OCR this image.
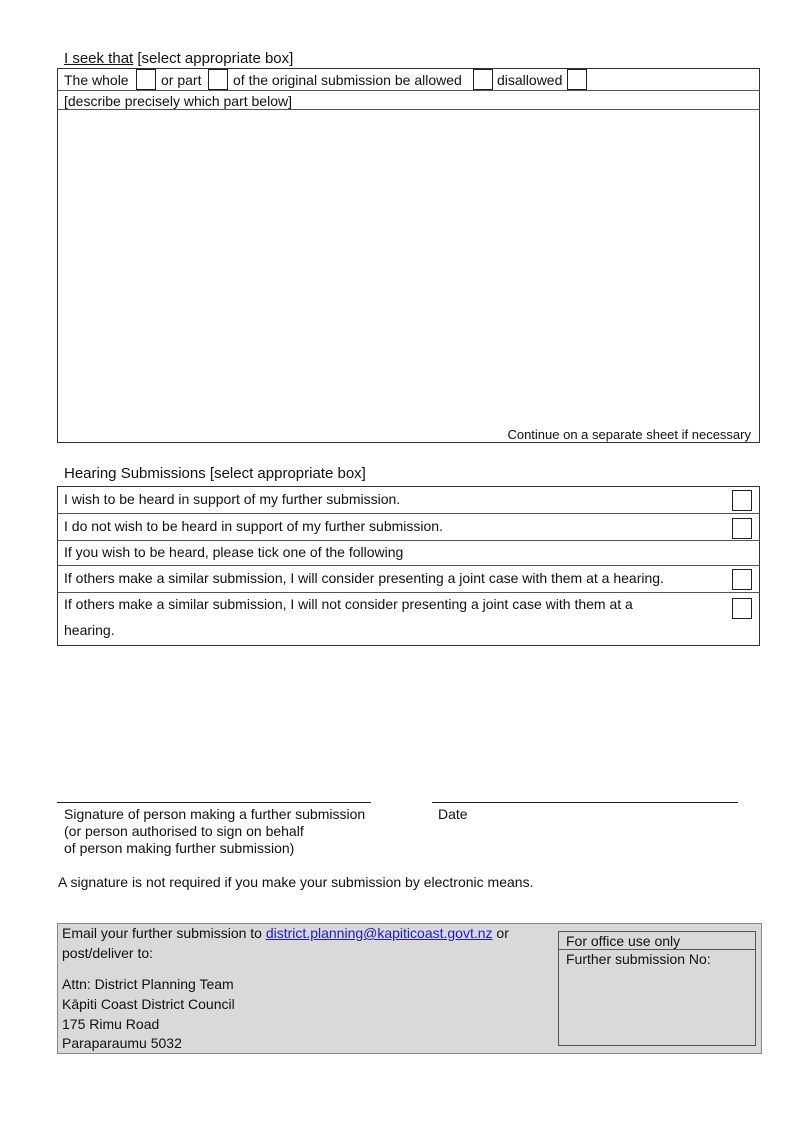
I seek that [select appropriate box]
The whole or part of the original submission be allowed	disallowed
[describe precisely which part below]
Continue on a separate sheet if necessary
Hearing Submissions [select appropriate box]
I wish to be heard in support of my further submission.
I do not wish to be heard in support of my further submission.
If you wish to be heard, please tick one of the following
If others make a similar submission, I will consider presenting a joint case with them at a hearing.
If others make a similar submission, I will not consider presenting a joint case with them at a
hearing.
Signature of person making a further submission
(or person authorised to sign on behalf
of person making further submission)
Date
A signature is not required if you make your submission by electronic means.
Email your further submission to district.planning@kapiticoast.govt.nz or
post/deliver to:
Attn: District Planning Team
Kāpiti Coast District Council
175 Rimu Road
Paraparaumu 5032
For office use only
Further submission No:
